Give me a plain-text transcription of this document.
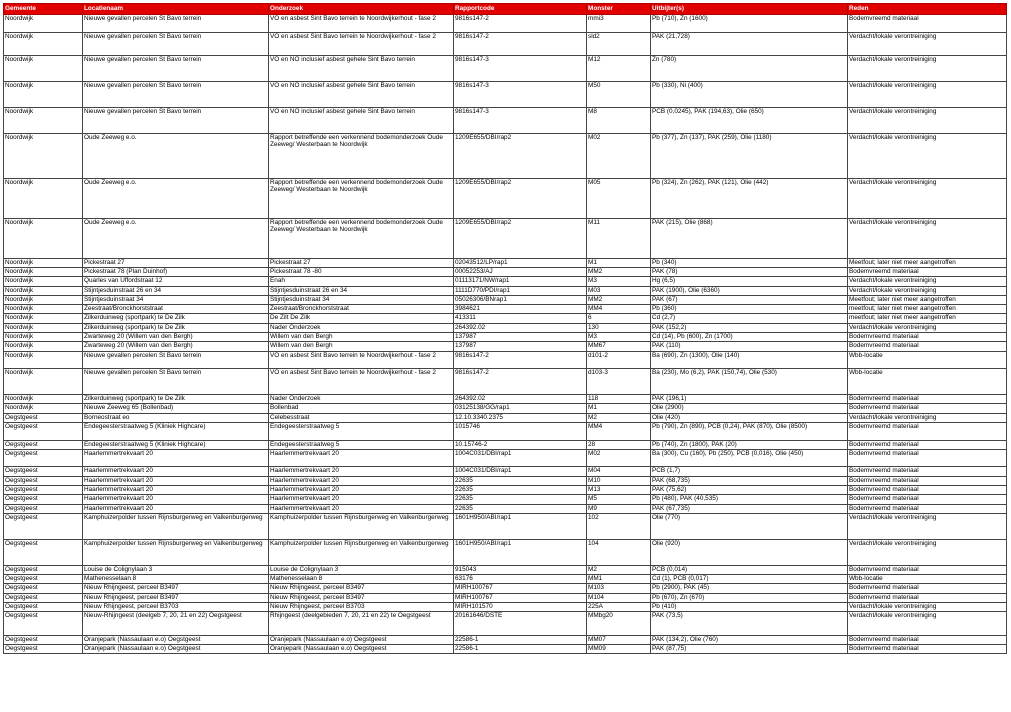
Gemeente	Locatienaam	Onderzoek	Rapportcode	Monster	Uitbijter(s)	Reden
Noordwijk	Nieuwe gevallen percelen St Bavo terrein	VO en asbest Sint Bavo terrein te Noordwijkerhout - fase 2	9816s147-2	mmi3	Pb (710), Zn (1600)	Bodemvreemd materiaal
Noordwijk	Nieuwe gevallen percelen St Bavo terrein	VO en asbest Sint Bavo terrein te Noordwijkerhout - fase 2	9816s147-2	sld2	PAK (21,728)	Verdacht/lokale verontreiniging
Noordwijk	Nieuwe gevallen percelen St Bavo terrein	VO en NO inclusief asbest gehele Sint Bavo terrein	9816s147-3	M12	Zn (780)	Verdacht/lokale verontreiniging
Noordwijk	Nieuwe gevallen percelen St Bavo terrein	VO en NO inclusief asbest gehele Sint Bavo terrein	9816s147-3	M50	Pb (330), Ni (400)	Verdacht/lokale verontreiniging
Noordwijk	Nieuwe gevallen percelen St Bavo terrein	VO en NO inclusief asbest gehele Sint Bavo terrein	9816s147-3	M8	PCB (0,0245), PAK (194,63), Olie (650)	Verdacht/lokale verontreiniging
Noordwijk	Oude Zeeweg e.o.	Rapport betreffende een verkennend bodemonderzoek Oude Zeeweg/ Westerbaan te Noordwijk	1209E655/DBI/rap2	M02	Pb (377), Zn (137), PAK (259), Olie (1180)	Verdacht/lokale verontreiniging
Noordwijk	Oude Zeeweg e.o.	Rapport betreffende een verkennend bodemonderzoek Oude Zeeweg/ Westerbaan te Noordwijk	1209E655/DBI/rap2	M05	Pb (324), Zn (262), PAK (121), Olie (442)	Verdacht/lokale verontreiniging
Noordwijk	Oude Zeeweg e.o.	Rapport betreffende een verkennend bodemonderzoek Oude Zeeweg/ Westerbaan te Noordwijk	1209E655/DBI/rap2	M11	PAK (215), Olie (868)	Verdacht/lokale verontreiniging
Noordwijk	Pickestraat 27	Pickestraat 27	02043512/LP/rap1	M1	Pb (340)	Meetfout; later niet meer aangetroffen
Noordwijk	Pickestraat 78 (Plan Duinhof)	Pickestraat 78 -80	00052253/AJ	MM2	PAK (78)	Bodemvreemd materiaal
Noordwijk	Quarles van Uffordstraat 12	Enah	01113171/NW/rap1	M3	Hg (6,5)	Verdacht/lokale verontreiniging
Noordwijk	Stijntjesduinstraat 26 en 34	Stijntjesduinstraat 26 en 34	1111D770/PDI/rap1	M03	PAK (1900), Olie (6360)	Verdacht/lokale verontreiniging
Noordwijk	Stijntjesduinstraat 34	Stijntjesduinstraat 34	05026306/BNrap1	MM2	PAK (67)	Meetfout; later niet meer aangetroffen
Noordwijk	Zeestraat/Bronckhorststraat	Zeestraat/Bronckhorststraat	3984621	MM4	Pb (360)	meetfout; later niet meer aangetroffen
Noordwijk	Zilkerduinweg (sportpark) te De Zilk	De Zilt De Zilk	413311	6	Cd (2,7)	meetfout; later niet meer aangetroffen
Noordwijk	Zilkerduinweg (sportpark) te De Zilk	Nader Onderzoek	264392.02	130	PAK (152,2)	Verdacht/lokale verontreiniging
Noordwijk	Zwarteweg 20 (Willem van den Bergh)	Willem van den Bergh	137987	M3	Cd (14), Pb (600), Zn (1700)	Bodemvreemd materiaal
Noordwijk	Zwarteweg 20 (Willem van den Bergh)	Willem van den Bergh	137987	MM67	PAK (110)	Bodemvreemd materiaal
Noordwijk	Nieuwe gevallen percelen St Bavo terrein	VO en asbest Sint Bavo terrein te Noordwijkerhout - fase 2	9816s147-2	d101-2	Ba (690), Zn (1300), Olie (140)	Wbb-locatie
Noordwijk	Nieuwe gevallen percelen St Bavo terrein	VO en asbest Sint Bavo terrein te Noordwijkerhout - fase 2	9816s147-2	d103-3	Ba (230), Mo (6,2), PAK (150,74), Olie (530)	Wbb-locatie
Noordwijk	Zilkerduinweg (sportpark) te De Zilk	Nader Onderzoek	264392.02	118	PAK (196,1)	Bodemvreemd materiaal
Noordwijk	Nieuwe Zeeweg 65 (Bollenbad)	Bollenbad	03125138/GG/rap1	M1	Olie (2900)	Bodemvreemd materiaal
Oegstgeest	Borneostraat eo	Celebesstraat	12.10.3340.2375	M2	Olie (420)	Verdacht/lokale verontreiniging
Oegstgeest	Endegeesterstraatweg 5 (Kliniek Highcare)	Endegeesterstraatweg 5	1015746	MM4	Pb (790), Zn (890), PCB (0,24), PAK (870), Olie (8500)	Bodemvreemd materiaal
Oegstgeest	Endegeesterstraatweg 5 (Kliniek Highcare)	Endegeesterstraatweg 5	10.15746-2	28	Pb (740), Zn (1800), PAK (20)	Bodemvreemd materiaal
Oegstgeest	Haarlemmertrekvaart 20	Haarlemmertrekvaart 20	1004C031/DBI/rap1	M02	Ba (300), Cu (160), Pb (250), PCB (0,016), Olie (450)	Bodemvreemd materiaal
Oegstgeest	Haarlemmertrekvaart 20	Haarlemmertrekvaart 20	1004C031/DBI/rap1	M04	PCB (1,7)	Bodemvreemd materiaal
Oegstgeest	Haarlemmertrekvaart 20	Haarlemmertrekvaart 20	22635	M10	PAK (68,735)	Bodemvreemd materiaal
Oegstgeest	Haarlemmertrekvaart 20	Haarlemmertrekvaart 20	22635	M13	PAK (75,62)	Bodemvreemd materiaal
Oegstgeest	Haarlemmertrekvaart 20	Haarlemmertrekvaart 20	22635	M5	Pb (480), PAK (40,535)	Bodemvreemd materiaal
Oegstgeest	Haarlemmertrekvaart 20	Haarlemmertrekvaart 20	22635	M9	PAK (67,735)	Bodemvreemd materiaal
Oegstgeest	Kamphuizerpolder tussen Rijnsburgerweg en Valkenburgerweg	Kamphuizerpolder tussen Rijnsburgerweg en Valkenburgerweg	1601H950/ABI/rap1	102	Olie (770)	Verdacht/lokale verontreiniging
Oegstgeest	Kamphuizerpolder tussen Rijnsburgerweg en Valkenburgerweg	Kamphuizerpolder tussen Rijnsburgerweg en Valkenburgerweg	1601H950/ABI/rap1	104	Olie (920)	Verdacht/lokale verontreiniging
Oegstgeest	Louise de Colignylaan 3	Louise de Colignylaan 3	915043	M2	PCB (0,014)	Bodemvreemd materiaal
Oegstgeest	Mathenesselaan 8	Mathenesselaan 8	63176	MM1	Cd (1), PCB (0,017)	Wbb-locatie
Oegstgeest	Nieuw Rhijngeest, perceel B3497	Nieuw Rhijngeest, perceel B3497	MIRH100767	M103	Pb (2900), PAK (45)	Bodemvreemd materiaal
Oegstgeest	Nieuw Rhijngeest, perceel B3497	Nieuw Rhijngeest, perceel B3497	MIRH100767	M104	Pb (670), Zn (670)	Bodemvreemd materiaal
Oegstgeest	Nieuw Rhijngeest, perceel B3703	Nieuw Rhijngeest, perceel B3703	MIRH101570	225A	Pb (410)	Verdacht/lokale verontreiniging
Oegstgeest	Nieuw-Rhijngeest (deelgeb 7, 20, 21 en 22) Oegstgeest	Rhijngeest (deelgebieden 7, 20, 21 en 22) te Oegstgeest	20161646/DSTE	MMbg20	PAK (73,5)	Verdacht/lokale verontreiniging
Oegstgeest	Oranjepark (Nassaulaan e.o) Oegstgeest	Oranjepark (Nassaulaan e.o) Oegstgeest	22586-1	MM07	PAK (134,2), Olie (760)	Bodemvreemd materiaal
Oegstgeest	Oranjepark (Nassaulaan e.o) Oegstgeest	Oranjepark (Nassaulaan e.o) Oegstgeest	22586-1	MM09	PAK (87,75)	Bodemvreemd materiaal
